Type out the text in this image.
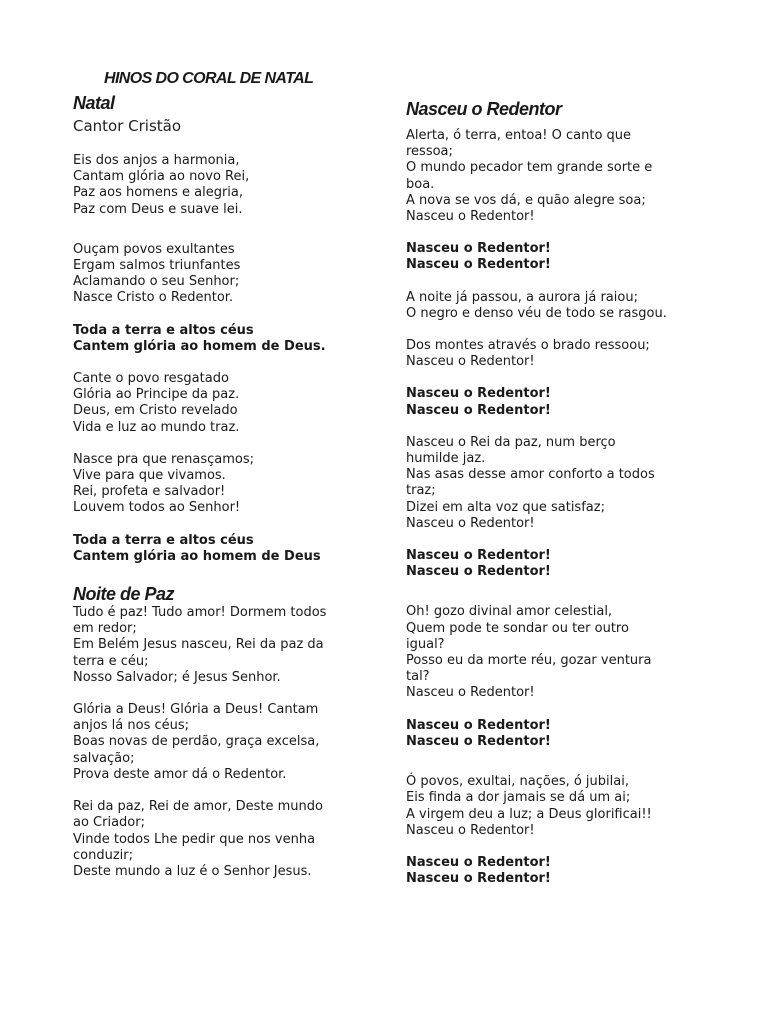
HINOS DO CORAL DE NATAL
Natal
Cantor Cristão
Eis dos anjos a harmonia,
Cantam glória ao novo Rei,
Paz aos homens e alegria,
Paz com Deus e suave lei.
Ouçam povos exultantes
Ergam salmos triunfantes
Aclamando o seu Senhor;
Nasce Cristo o Redentor.
Toda a terra e altos céus
Cantem glória ao homem de Deus.
Cante o povo resgatado
Glória ao Principe da paz.
Deus, em Cristo revelado
Vida e luz ao mundo traz.
Nasce pra que renasçamos;
Vive para que vivamos.
Rei, profeta e salvador!
Louvem todos ao Senhor!
Toda a terra e altos céus
Cantem glória ao homem de Deus
Noite de Paz
Tudo é paz! Tudo amor! Dormem todos
em redor;
Em Belém Jesus nasceu, Rei da paz da
terra e céu;
Nosso Salvador; é Jesus Senhor.
Glória a Deus! Glória a Deus! Cantam
anjos lá nos céus;
Boas novas de perdão, graça excelsa,
salvação;
Prova deste amor dá o Redentor.
Rei da paz, Rei de amor, Deste mundo
ao Criador;
Vinde todos Lhe pedir que nos venha
conduzir;
Deste mundo a luz é o Senhor Jesus.
Nasceu o Redentor
Alerta, ó terra, entoa! O canto que
ressoa;
O mundo pecador tem grande sorte e
boa.
A nova se vos dá, e quão alegre soa;
Nasceu o Redentor!
Nasceu o Redentor!
Nasceu o Redentor!
A noite já passou, a aurora já raiou;
O negro e denso véu de todo se rasgou.
Dos montes através o brado ressoou;
Nasceu o Redentor!
Nasceu o Redentor!
Nasceu o Redentor!
Nasceu o Rei da paz, num berço
humilde jaz.
Nas asas desse amor conforto a todos
traz;
Dizei em alta voz que satisfaz;
Nasceu o Redentor!
Nasceu o Redentor!
Nasceu o Redentor!
Oh! gozo divinal amor celestial,
Quem pode te sondar ou ter outro
igual?
Posso eu da morte réu, gozar ventura
tal?
Nasceu o Redentor!
Nasceu o Redentor!
Nasceu o Redentor!
Ó povos, exultai, nações, ó jubilai,
Eis finda a dor jamais se dá um ai;
A virgem deu a luz; a Deus glorificai!!
Nasceu o Redentor!
Nasceu o Redentor!
Nasceu o Redentor!
